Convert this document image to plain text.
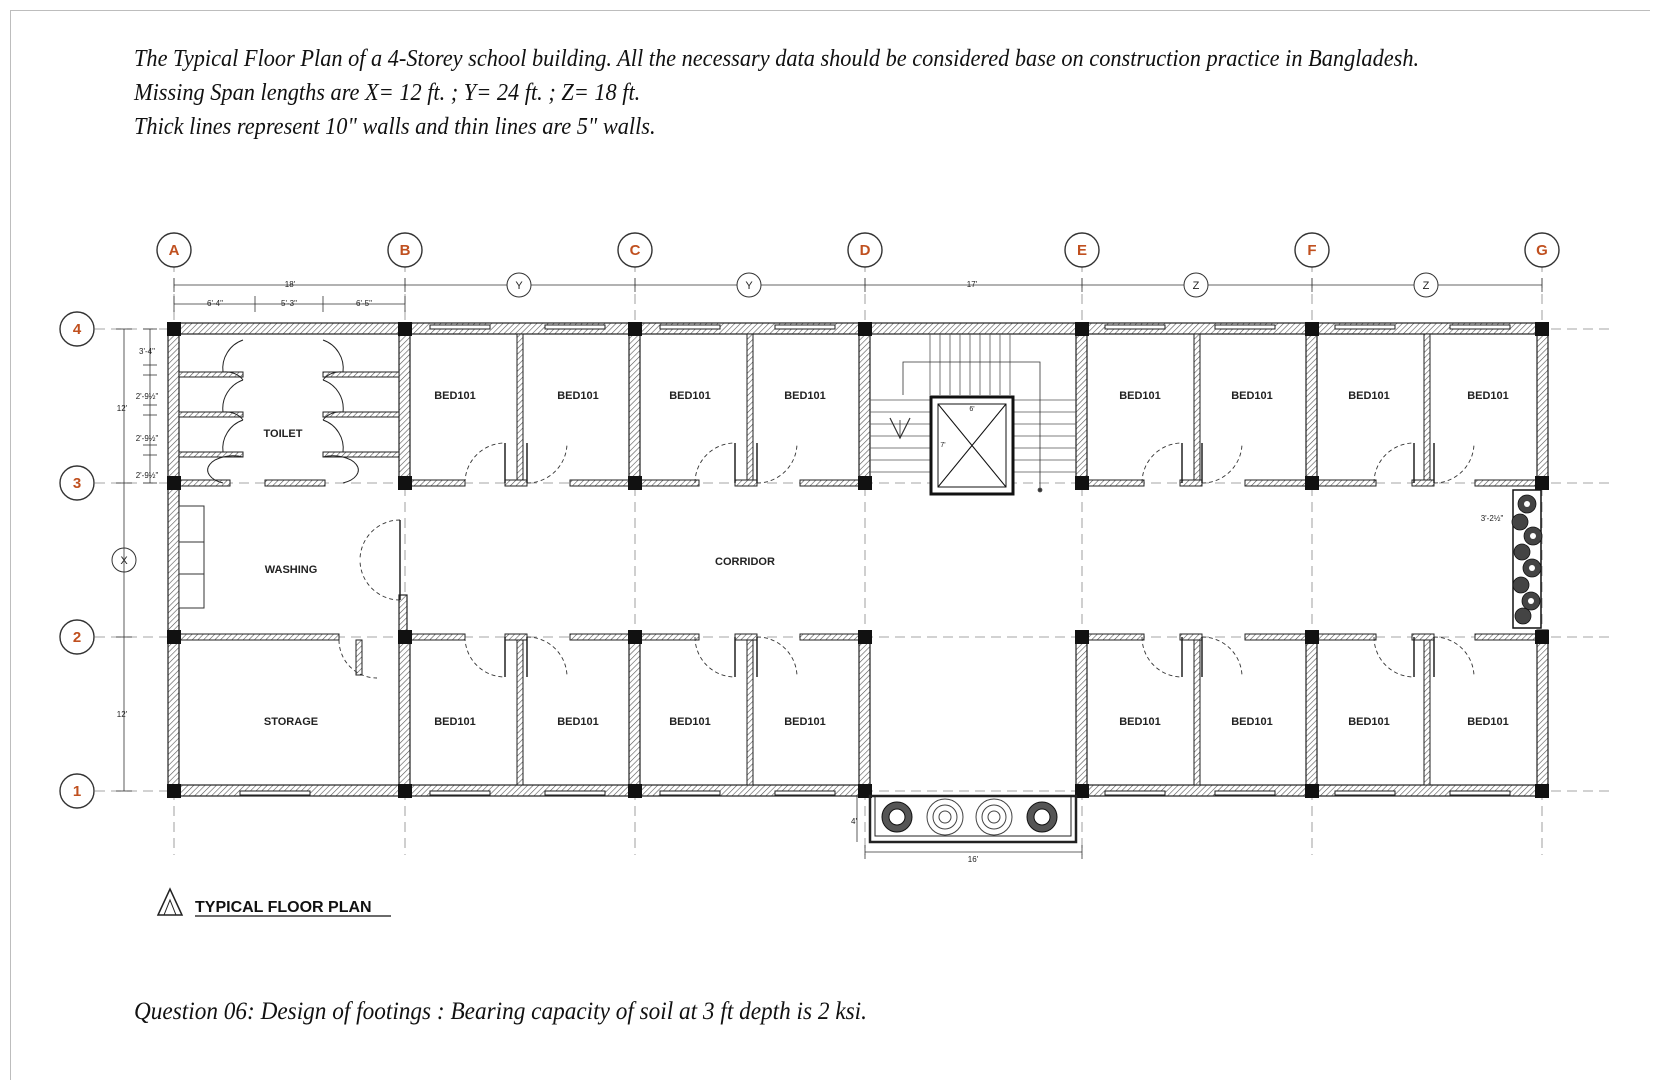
The Typical Floor Plan of a 4-Storey school building. All the necessary data should be considered base on construction practice in Bangladesh.
Missing Span lengths are X= 12 ft. ; Y= 24 ft. ; Z= 18 ft.
Thick lines represent 10" walls and thin lines are 5" walls.
A	B	C	D	E	F	G
4
3
2
1
18'
6'-4"	5'-3"	6'-5"
17'
Y	Y	Z	Z
X
12'
12'
3'-4"
2'-9½"
2'-9½"
2'-9½"
6'
7'
16'
4'
3'-2½"
TOILET
WASHING
STORAGE
CORRIDOR
BED101	BED101	BED101	BED101	BED101	BED101	BED101	BED101
BED101	BED101	BED101	BED101	BED101	BED101	BED101	BED101
TYPICAL FLOOR PLAN
Question 06: Design of footings : Bearing capacity of soil at 3 ft depth is 2 ksi.
